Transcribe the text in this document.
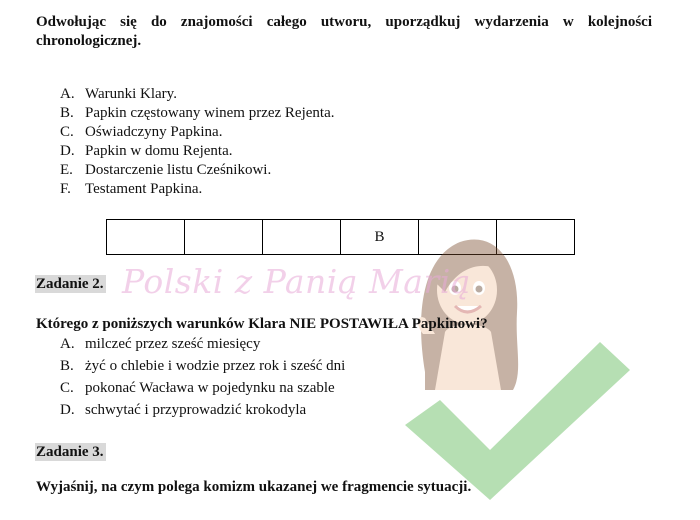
Odwołując się do znajomości całego utworu, uporządkuj wydarzenia w kolejności chronologicznej.
A. Warunki Klary.
B. Papkin częstowany winem przez Rejenta.
C. Oświadczyny Papkina.
D. Papkin w domu Rejenta.
E. Dostarczenie listu Cześnikowi.
F. Testament Papkina.
			B		
Polski z Panią Marią
Zadanie 2.
Którego z poniższych warunków Klara NIE POSTAWIŁA Papkinowi?
A. milczeć przez sześć miesięcy
B. żyć o chlebie i wodzie przez rok i sześć dni
C. pokonać Wacława w pojedynku na szable
D. schwytać i przyprowadzić krokodyla
Zadanie 3.
Wyjaśnij, na czym polega komizm ukazanej we fragmencie sytuacji.
